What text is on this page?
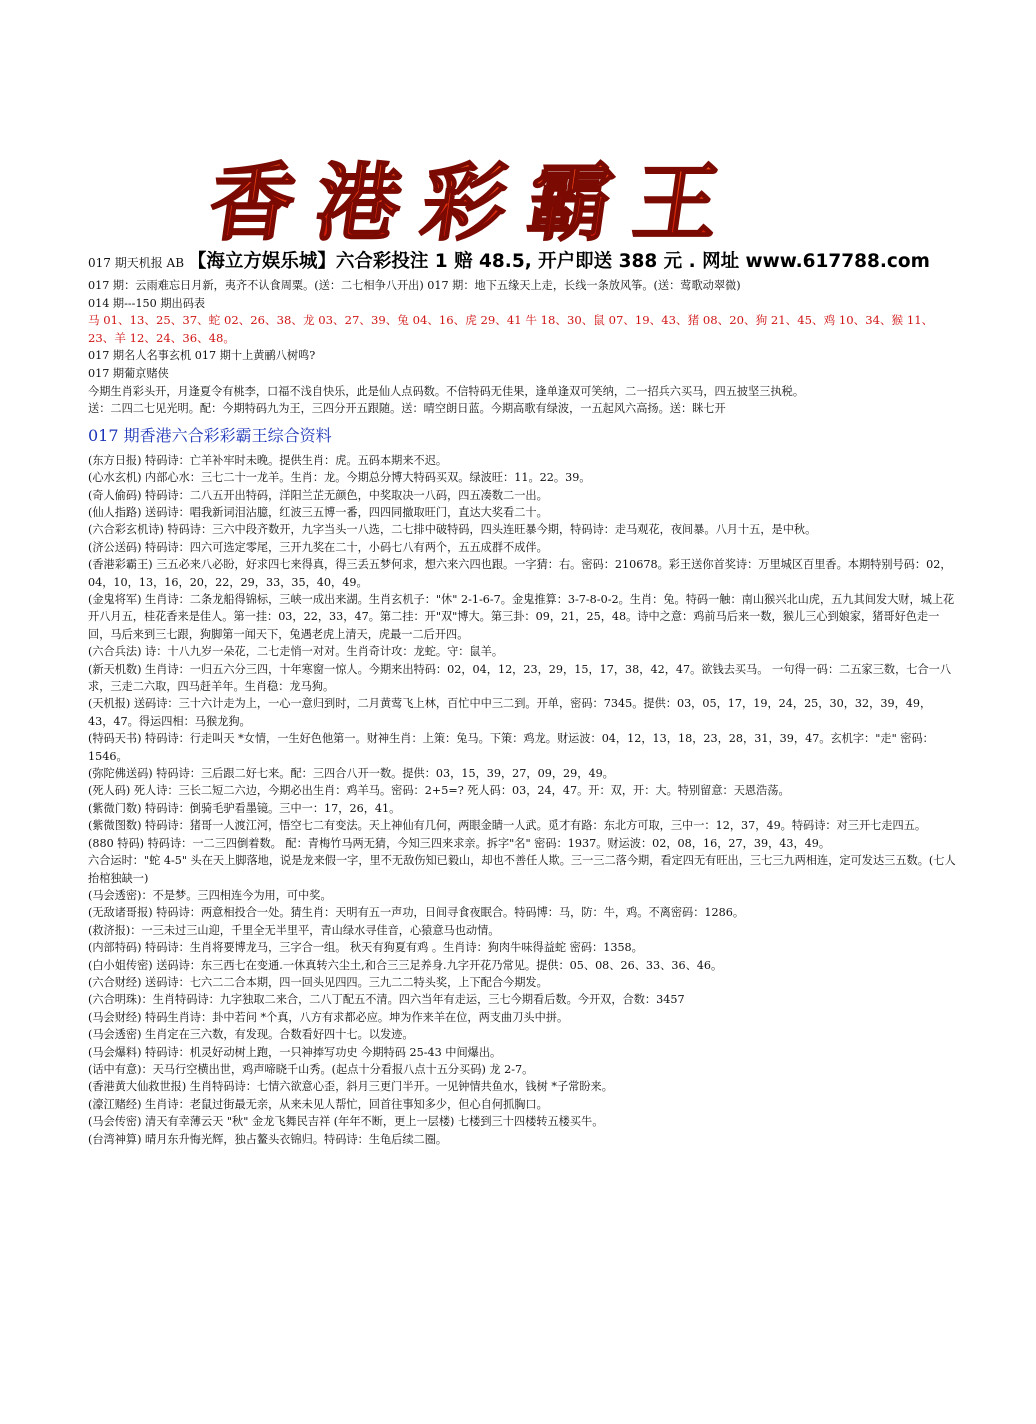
香港彩霸王
017 期天机报 AB 【海立方娱乐城】六合彩投注 1 赔 48.5, 开户即送 388 元 . 网址 www.617788.com
017 期：云雨难忘日月新，夷齐不认食周粟。(送：二七相争八开出) 017 期：地下五缘天上走，长线一条放风筝。(送：莺歌动翠微)
014 期---150 期出码表
马 01、13、25、37、蛇 02、26、38、龙 03、27、39、兔 04、16、虎 29、41 牛 18、30、鼠 07、19、43、猪 08、20、狗 21、45、鸡 10、34、猴 11、
23、羊 12、24、36、48。
017 期名人名事玄机 017 期十上黄鹂八树鸣?
017 期葡京赌侠
今期生肖彩头开，月逢夏令有桃李，口福不浅自快乐，此是仙人点码数。不信特码无佳果，逢单逢双可笑纳，二一招兵六买马，四五披坚三执税。
送：二四二七见光明。配：今期特码九为王，三四分开五跟随。送：晴空朗日蓝。今期高歌有绿波，一五起风六高扬。送：眯七开
017 期香港六合彩彩霸王综合资料
(东方日报) 特码诗：亡羊补牢时未晚。提供生肖：虎。五码本期来不迟。
(心水玄机) 内部心水：三七二十一龙羊。生肖：龙。今期总分博大特码买双。绿波旺：11。22。39。
(奇人偷码) 特码诗：二八五开出特码，洋阳兰芷无颜色，中奖取决一八码，四五凑数二一出。
(仙人指路) 送码诗：唱我新词泪沾臆，红波三五博一番，四四同撤取旺门，直达大奖看二十。
(六合彩玄机诗) 特码诗：三六中段齐数开，九字当头一八选，二七排中破特码，四头连旺暴今期，特码诗：走马观花，夜间暴。八月十五，是中秋。
(济公送码) 特码诗：四六可选定零尾，三开九奖在二十，小码七八有两个，五五成群不成伴。
(香港彩霸王) 三五必来八必盼，好求四七来得真，得三丢五梦何求，想六来六四也跟。一字猜：右。密码：210678。彩王送你首奖诗：万里城区百里香。本期特别号码：02，04，10，13，16，20，22，29，33，35，40，49。
(金鬼将军) 生肖诗：二条龙船得锦标，三峡一成出来湖。生肖玄机子："休" 2-1-6-7。金鬼推算：3-7-8-0-2。生肖：兔。特码一触：南山猴兴北山虎，五九其间发大财，城上花开八月五，桂花香来是佳人。第一挂：03，22，33，47。第二挂：开"双"博大。第三卦：09，21，25，48。诗中之意：鸡前马后来一数，猴儿三心到娘家，猪哥好色走一回，马后来到三七跟，狗脚第一闻天下，兔遇老虎上清天，虎最一二后开四。
(六合兵法) 诗：十八九岁一朵花，二七走悄一对对。生肖奇计攻：龙蛇。守：鼠羊。
(新天机数) 生肖诗：一归五六分三四，十年寒窗一惊人。今期来出特码：02，04，12，23，29，15，17，38，42，47。欲钱去买马。 一句得一码：二五家三数，七合一八求，三走二六取，四马赶羊年。生肖稳：龙马狗。
(天机报) 送码诗：三十六计走为上，一心一意归到时，二月黄莺飞上林，百忙中中三二到。开单，密码：7345。提供：03，05，17，19，24，25，30，32，39，49，43，47。得运四相：马猴龙狗。
(特码天书) 特码诗：行走叫天 *女情，一生好色他第一。财神生肖：上策：兔马。下策：鸡龙。财运波：04，12，13，18，23，28，31，39，47。玄机字："走" 密码：1546。
(弥陀佛送码) 特码诗：三后跟二好七来。配：三四合八开一数。提供：03，15，39，27，09，29，49。
(死人码) 死人诗：三长二短二六边，今期必出生肖：鸡羊马。密码：2+5=? 死人码：03，24，47。开：双，开：大。特别留意：天恩浩荡。
(紫微门数) 特码诗：倒骑毛驴看墨镜。三中一：17，26，41。
(紫微图数) 特码诗：猪哥一人渡江河，悟空七二有变法。天上神仙有几何，两眼金睛一人武。觅才有路：东北方可取，三中一：12，37，49。特码诗：对三开七走四五。
(880 特码) 特码诗：一二三四倒着数。 配：青梅竹马两无猜，今知三四来求亲。拆字"名" 密码：1937。财运波：02，08，16，27，39，43，49。
六合运时："蛇 4-5" 头在天上脚落地，说是龙来假一字，里不无敌伤知已毅山，却也不善任人欺。三一三二落今期，看定四无有旺出，三七三九两相连，定可发达三五数。(七人抬棺独缺一)
(马会透密)：不是梦。三四相连今为用，可中奖。
(无敌诸哥报) 特码诗：两意相投合一处。猜生肖：天明有五一声功，日间寻食夜眠合。特码博：马，防：牛，鸡。不离密码：1286。
(救济报)：一三未过三山迎，千里全无半里平，青山绿水寻佳音，心猿意马也动情。
(内部特码) 特码诗：生肖将要博龙马，三字合一组。 秋天有狗夏有鸡 。生肖诗：狗肉牛味得益蛇 密码：1358。
(白小姐传密) 送码诗：东三西七在变通.一休真转六尘土,和合三三足养身.九字开花乃常见。提供：05、08、26、33、36、46。
(六合财经) 送码诗：七六二二合本期，四一回头见四四。三九二二特头奖，上下配合今期发。
(六合明珠)：生肖特码诗：九字独取二来合，二八丁配五不清。四六当年有走运，三七今期看后数。今开双，合数：3457
(马会财经) 特码生肖诗：卦中若问 *个真，八方有求都必应。坤为作来羊在位，两支曲刀头中拼。
(马会透密) 生肖定在三六数，有发现。合数看好四十七。以发迹。
(马会爆料) 特码诗：机灵好动树上跑，一只神捧写功史 今期特码 25-43 中间爆出。
(话中有意)：天马行空横出世，鸡声啼晓千山秀。(起点十分看报八点十五分买码) 龙 2-7。
(香港黄大仙救世报) 生肖特码诗：七情六欲意心歪，斜月三更门半开。一见钟情共鱼水，钱树 *子常盼来。
(濠江赌经) 生肖诗：老鼠过街最无亲，从来未见人帮忙，回首往事知多少，但心自何抓胸口。
(马会传密) 清天有幸薄云天 "秋" 金龙飞舞民吉祥 (年年不断，更上一层楼) 七楼到三十四楼转五楼买牛。
(台湾神算) 晴月东升悔光辉，独占鳌头衣锦归。特码诗：生龟后续二圈。
